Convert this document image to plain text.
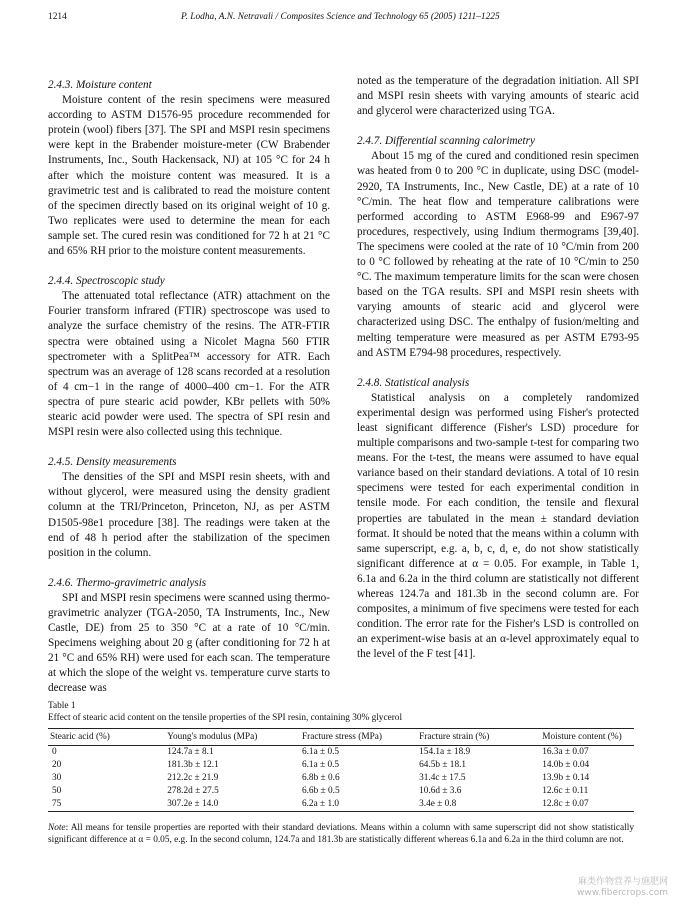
1214	P. Lodha, A.N. Netravali / Composites Science and Technology 65 (2005) 1211–1225
2.4.3. Moisture content

Moisture content of the resin specimens were measured according to ASTM D1576-95 procedure recommended for protein (wool) fibers [37]. The SPI and MSPI resin specimens were kept in the Brabender moisture-meter (CW Brabender Instruments, Inc., South Hackensack, NJ) at 105 °C for 24 h after which the moisture content was measured. It is a gravimetric test and is calibrated to read the moisture content of the specimen directly based on its original weight of 10 g. Two replicates were used to determine the mean for each sample set. The cured resin was conditioned for 72 h at 21 °C and 65% RH prior to the moisture content measurements.

2.4.4. Spectroscopic study

The attenuated total reflectance (ATR) attachment on the Fourier transform infrared (FTIR) spectroscope was used to analyze the surface chemistry of the resins. The ATR-FTIR spectra were obtained using a Nicolet Magna 560 FTIR spectrometer with a SplitPea™ accessory for ATR. Each spectrum was an average of 128 scans recorded at a resolution of 4 cm−1 in the range of 4000–400 cm−1. For the ATR spectra of pure stearic acid powder, KBr pellets with 50% stearic acid powder were used. The spectra of SPI resin and MSPI resin were also collected using this technique.

2.4.5. Density measurements

The densities of the SPI and MSPI resin sheets, with and without glycerol, were measured using the density gradient column at the TRI/Princeton, Princeton, NJ, as per ASTM D1505-98e1 procedure [38]. The readings were taken at the end of 48 h period after the stabilization of the specimen position in the column.

2.4.6. Thermo-gravimetric analysis

SPI and MSPI resin specimens were scanned using thermo-gravimetric analyzer (TGA-2050, TA Instruments, Inc., New Castle, DE) from 25 to 350 °C at a rate of 10 °C/min. Specimens weighing about 20 g (after conditioning for 72 h at 21 °C and 65% RH) were used for each scan. The temperature at which the slope of the weight vs. temperature curve starts to decrease was

noted as the temperature of the degradation initiation. All SPI and MSPI resin sheets with varying amounts of stearic acid and glycerol were characterized using TGA.

2.4.7. Differential scanning calorimetry

About 15 mg of the cured and conditioned resin specimen was heated from 0 to 200 °C in duplicate, using DSC (model-2920, TA Instruments, Inc., New Castle, DE) at a rate of 10 °C/min. The heat flow and temperature calibrations were performed according to ASTM E968-99 and E967-97 procedures, respectively, using Indium thermograms [39,40]. The specimens were cooled at the rate of 10 °C/min from 200 to 0 °C followed by reheating at the rate of 10 °C/min to 250 °C. The maximum temperature limits for the scan were chosen based on the TGA results. SPI and MSPI resin sheets with varying amounts of stearic acid and glycerol were characterized using DSC. The enthalpy of fusion/melting and melting temperature were measured as per ASTM E793-95 and ASTM E794-98 procedures, respectively.

2.4.8. Statistical analysis

Statistical analysis on a completely randomized experimental design was performed using Fisher's protected least significant difference (Fisher's LSD) procedure for multiple comparisons and two-sample t-test for comparing two means. For the t-test, the means were assumed to have equal variance based on their standard deviations. A total of 10 resin specimens were tested for each experimental condition in tensile mode. For each condition, the tensile and flexural properties are tabulated in the mean ± standard deviation format. It should be noted that the means within a column with same superscript, e.g. a, b, c, d, e, do not show statistically significant difference at α = 0.05. For example, in Table 1, 6.1a and 6.2a in the third column are statistically not different whereas 124.7a and 181.3b in the second column are. For composites, a minimum of five specimens were tested for each condition. The error rate for the Fisher's LSD is controlled on an experiment-wise basis at an α-level approximately equal to the level of the F test [41].

Table 1

Effect of stearic acid content on the tensile properties of the SPI resin, containing 30% glycerol

Stearic acid (%)	Young's modulus (MPa)	Fracture stress (MPa)	Fracture strain (%)	Moisture content (%)
0	124.7a ± 8.1	6.1a ± 0.5	154.1a ± 18.9	16.3a ± 0.07
20	181.3b ± 12.1	6.1a ± 0.5	64.5b ± 18.1	14.0b ± 0.04
30	212.2c ± 21.9	6.8b ± 0.6	31.4c ± 17.5	13.9b ± 0.14
50	278.2d ± 27.5	6.6b ± 0.5	10.6d ± 3.6	12.6c ± 0.11
75	307.2e ± 14.0	6.2a ± 1.0	3.4e ± 0.8	12.8c ± 0.07

Note: All means for tensile properties are reported with their standard deviations. Means within a column with same superscript did not show statistically significant difference at α = 0.05, e.g. In the second column, 124.7a and 181.3b are statistically different whereas 6.1a and 6.2a in the third column are not.

麻类作物营养与施肥网
www.fibercrops.com
